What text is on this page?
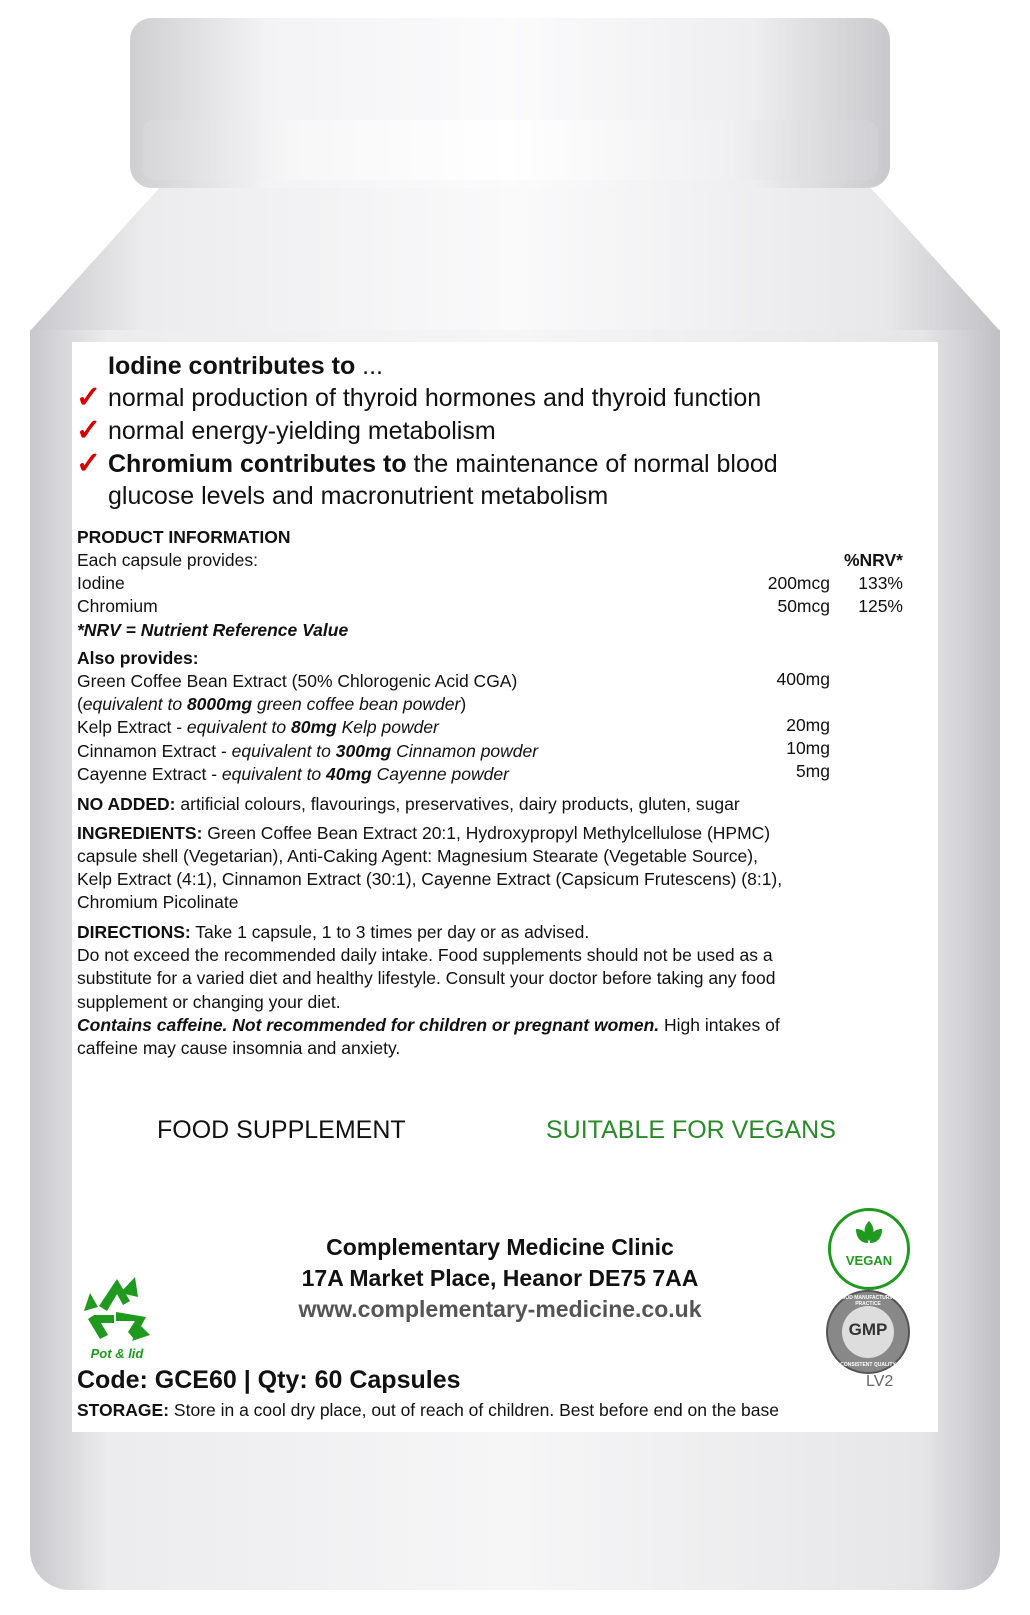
Iodine contributes to ...
✓ normal production of thyroid hormones and thyroid function
✓ normal energy-yielding metabolism
✓ Chromium contributes to the maintenance of normal blood
glucose levels and macronutrient metabolism
PRODUCT INFORMATION
Each capsule provides:	%NRV*
Iodine	200mcg	133%
Chromium	50mcg	125%
*NRV = Nutrient Reference Value
Also provides:
Green Coffee Bean Extract (50% Chlorogenic Acid CGA)	400mg
(equivalent to 8000mg green coffee bean powder)
Kelp Extract - equivalent to 80mg Kelp powder	20mg
Cinnamon Extract - equivalent to 300mg Cinnamon powder	10mg
Cayenne Extract - equivalent to 40mg Cayenne powder	5mg
NO ADDED: artificial colours, flavourings, preservatives, dairy products, gluten, sugar
INGREDIENTS: Green Coffee Bean Extract 20:1, Hydroxypropyl Methylcellulose (HPMC)
capsule shell (Vegetarian), Anti-Caking Agent: Magnesium Stearate (Vegetable Source),
Kelp Extract (4:1), Cinnamon Extract (30:1), Cayenne Extract (Capsicum Frutescens) (8:1),
Chromium Picolinate
DIRECTIONS: Take 1 capsule, 1 to 3 times per day or as advised.
Do not exceed the recommended daily intake. Food supplements should not be used as a
substitute for a varied diet and healthy lifestyle. Consult your doctor before taking any food
supplement or changing your diet.
Contains caffeine. Not recommended for children or pregnant women. High intakes of
caffeine may cause insomnia and anxiety.
FOOD SUPPLEMENT	SUITABLE FOR VEGANS
Complementary Medicine Clinic
17A Market Place, Heanor DE75 7AA
www.complementary-medicine.co.uk
Pot & lid
VEGAN
GMP
GOOD MANUFACTURING PRACTICE
CONSISTENT QUALITY
Code: GCE60 | Qty: 60 Capsules	LV2
STORAGE: Store in a cool dry place, out of reach of children. Best before end on the base
